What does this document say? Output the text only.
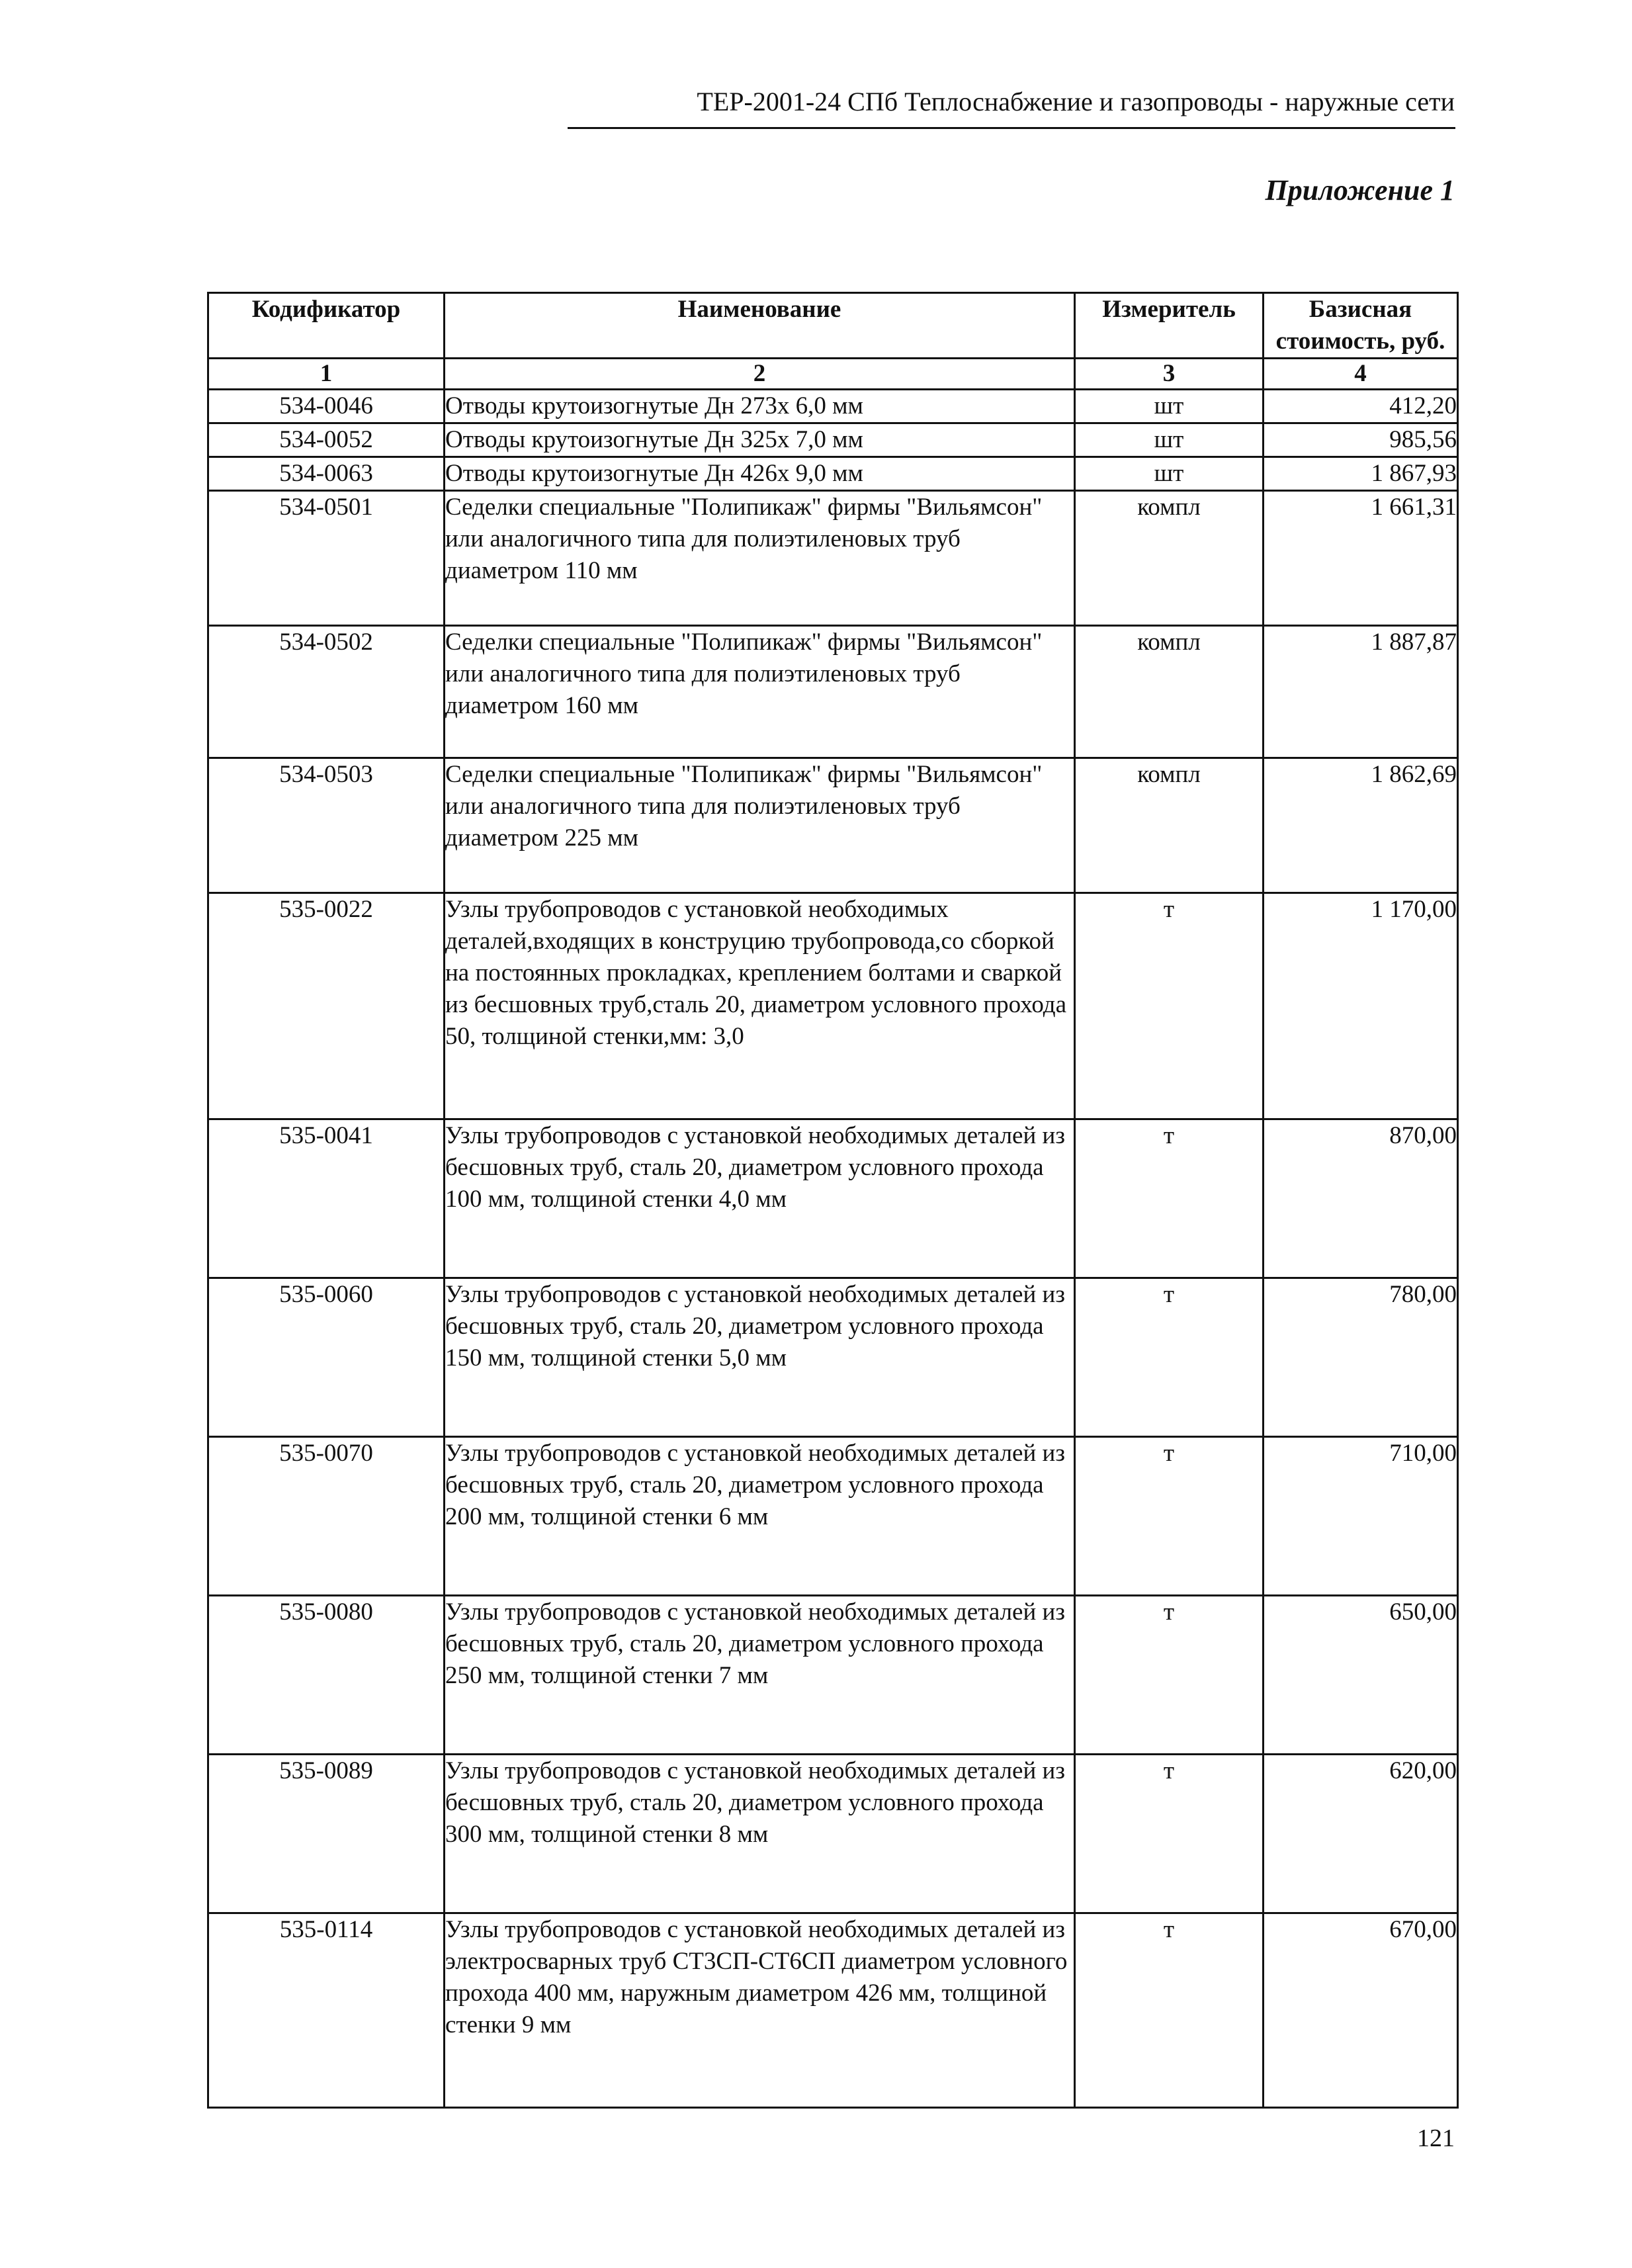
ТЕР-2001-24 СПб Теплоснабжение и газопроводы - наружные сети
Приложение 1
Кодификатор	Наименование	Измеритель	Базисная стоимость, руб.
1	2	3	4
534-0046	Отводы крутоизогнутые Дн 273х 6,0 мм	шт	412,20
534-0052	Отводы крутоизогнутые Дн 325х 7,0 мм	шт	985,56
534-0063	Отводы крутоизогнутые Дн 426х 9,0 мм	шт	1 867,93
534-0501	Седелки специальные "Полипикаж" фирмы "Вильямсон" или аналогичного типа для полиэтиленовых труб диаметром 110 мм	компл	1 661,31
534-0502	Седелки специальные "Полипикаж" фирмы "Вильямсон" или аналогичного типа для полиэтиленовых труб диаметром 160 мм	компл	1 887,87
534-0503	Седелки специальные "Полипикаж" фирмы "Вильямсон" или аналогичного типа для полиэтиленовых труб диаметром 225 мм	компл	1 862,69
535-0022	Узлы трубопроводов с установкой необходимых деталей,входящих в конструцию трубопровода,со сборкой на постоянных прокладках, креплением болтами и сваркой из бесшовных труб,сталь 20, диаметром условного прохода 50, толщиной стенки,мм: 3,0	т	1 170,00
535-0041	Узлы трубопроводов с установкой необходимых деталей из бесшовных труб, сталь 20, диаметром условного прохода 100 мм, толщиной стенки 4,0 мм	т	870,00
535-0060	Узлы трубопроводов с установкой необходимых деталей из бесшовных труб, сталь 20, диаметром условного прохода 150 мм, толщиной стенки 5,0 мм	т	780,00
535-0070	Узлы трубопроводов с установкой необходимых деталей из бесшовных труб, сталь 20, диаметром условного прохода 200 мм, толщиной стенки 6 мм	т	710,00
535-0080	Узлы трубопроводов с установкой необходимых деталей из бесшовных труб, сталь 20, диаметром условного прохода 250 мм, толщиной стенки 7 мм	т	650,00
535-0089	Узлы трубопроводов с установкой необходимых деталей из бесшовных труб, сталь 20, диаметром условного прохода 300 мм, толщиной стенки 8 мм	т	620,00
535-0114	Узлы трубопроводов с установкой необходимых деталей из электросварных труб СТ3СП-СТ6СП диаметром условного прохода 400 мм, наружным диаметром 426 мм, толщиной стенки 9 мм	т	670,00
121
